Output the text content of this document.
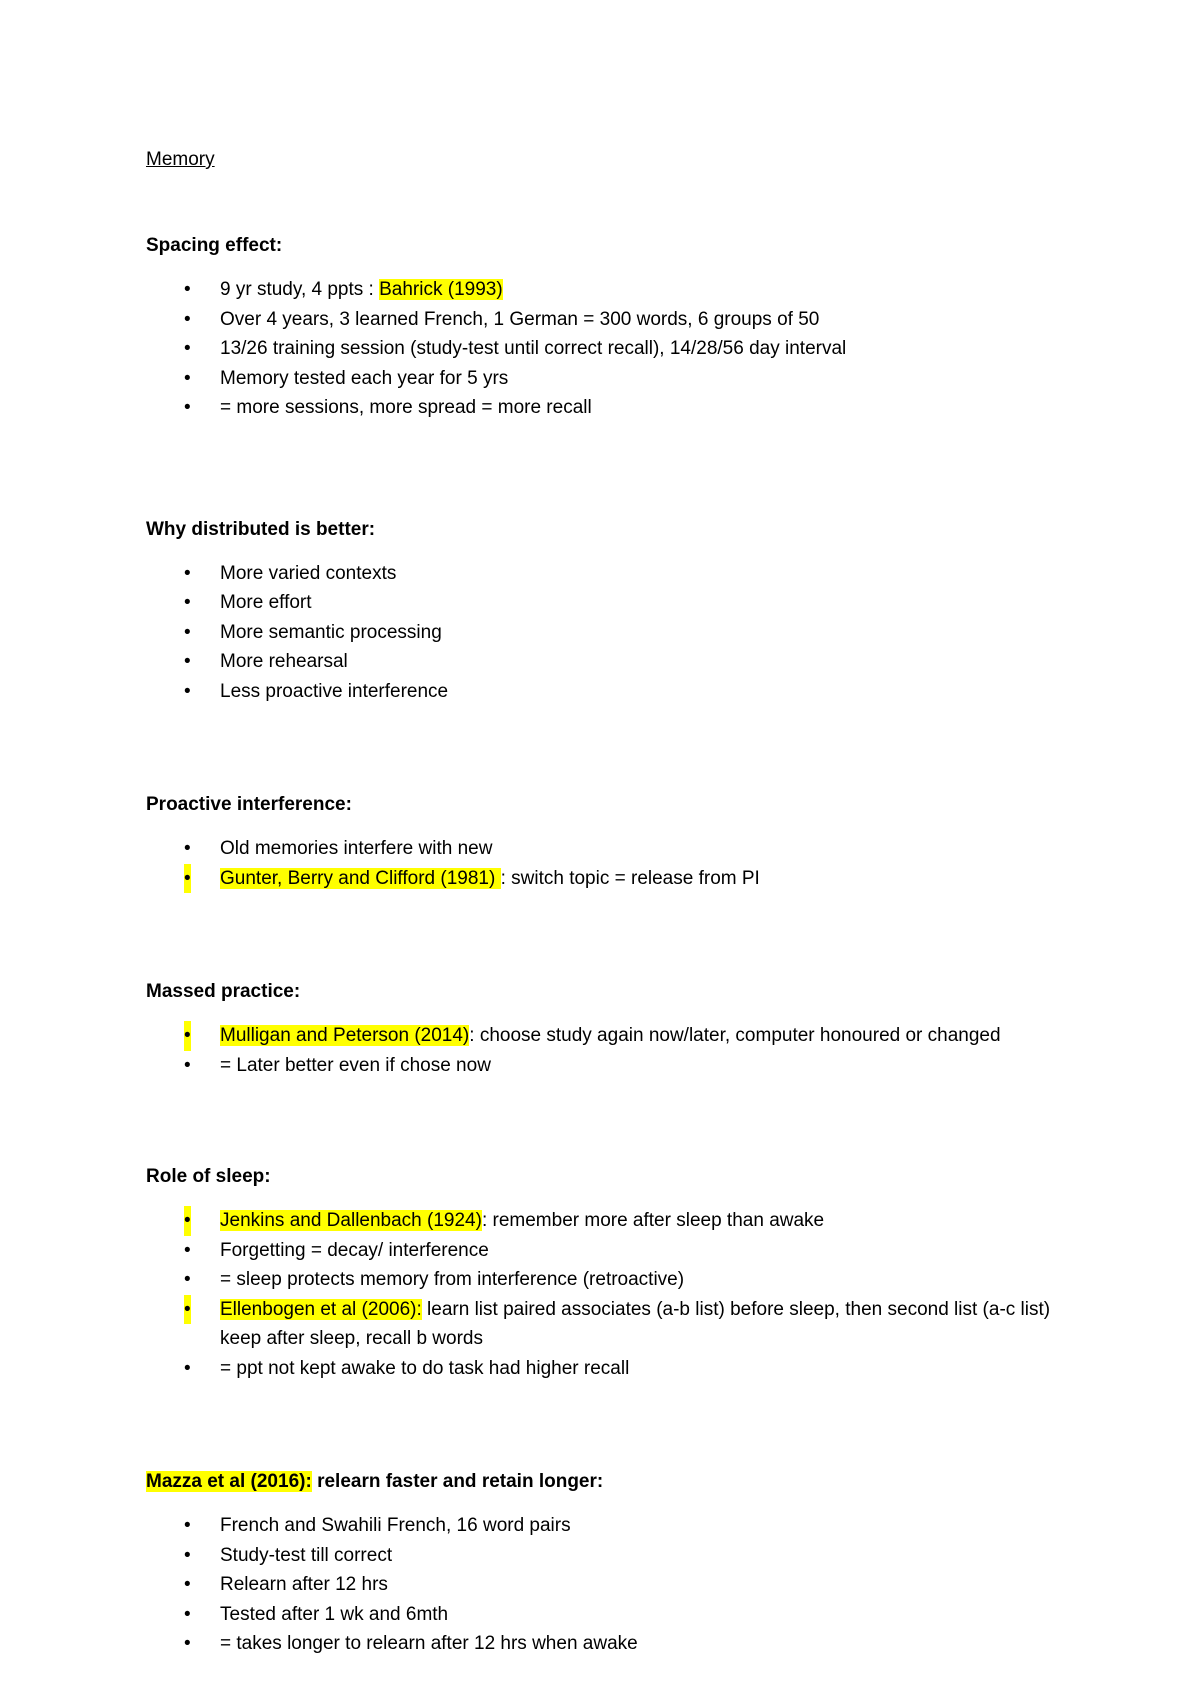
Memory

Spacing effect:

• 9 yr study, 4 ppts : Bahrick (1993)
• Over 4 years, 3 learned French, 1 German = 300 words, 6 groups of 50
• 13/26 training session (study-test until correct recall), 14/28/56 day interval
• Memory tested each year for 5 yrs
• = more sessions, more spread = more recall

Why distributed is better:

• More varied contexts
• More effort
• More semantic processing
• More rehearsal
• Less proactive interference

Proactive interference:

• Old memories interfere with new
• Gunter, Berry and Clifford (1981) : switch topic = release from PI

Massed practice:

• Mulligan and Peterson (2014): choose study again now/later, computer honoured or changed
• = Later better even if chose now

Role of sleep:

• Jenkins and Dallenbach (1924): remember more after sleep than awake
• Forgetting = decay/ interference
• = sleep protects memory from interference (retroactive)
• Ellenbogen et al (2006): learn list paired associates (a-b list) before sleep, then second list (a-c list) keep after sleep, recall b words
• = ppt not kept awake to do task had higher recall

Mazza et al (2016): relearn faster and retain longer:

• French and Swahili French, 16 word pairs
• Study-test till correct
• Relearn after 12 hrs
• Tested after 1 wk and 6mth
• = takes longer to relearn after 12 hrs when awake
